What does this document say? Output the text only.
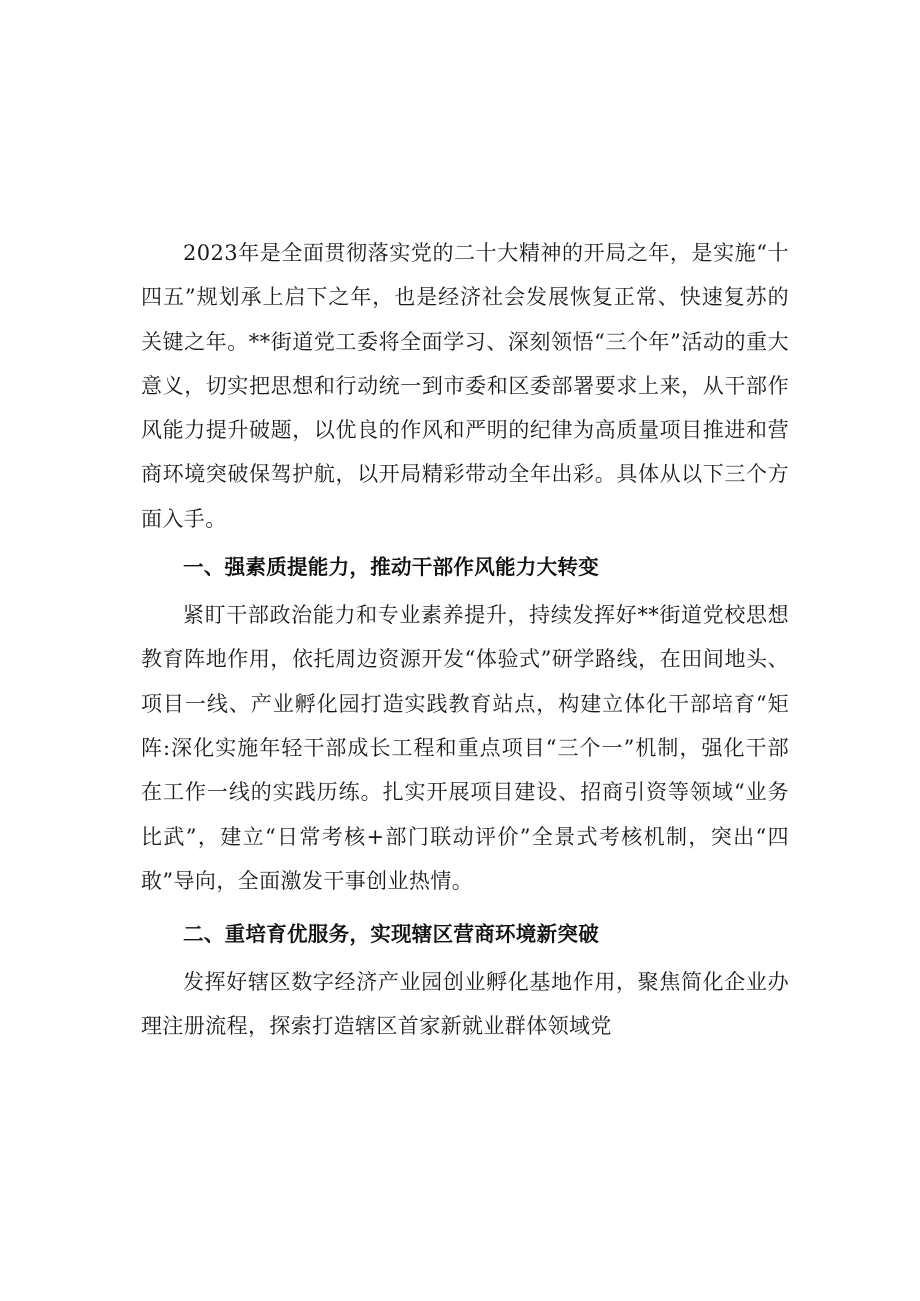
2023年是全面贯彻落实党的二十大精神的开局之年，是实施“十四五”规划承上启下之年，也是经济社会发展恢复正常、快速复苏的关键之年。**街道党工委将全面学习、深刻领悟“三个年”活动的重大意义，切实把思想和行动统一到市委和区委部署要求上来，从干部作风能力提升破题，以优良的作风和严明的纪律为高质量项目推进和营商环境突破保驾护航，以开局精彩带动全年出彩。具体从以下三个方面入手。

一、强素质提能力，推动干部作风能力大转变

紧盯干部政治能力和专业素养提升，持续发挥好**街道党校思想教育阵地作用，依托周边资源开发“体验式”研学路线，在田间地头、项目一线、产业孵化园打造实践教育站点，构建立体化干部培育“矩阵:深化实施年轻干部成长工程和重点项目“三个一”机制，强化干部在工作一线的实践历练。扎实开展项目建设、招商引资等领域“业务比武”，建立“日常考核+部门联动评价”全景式考核机制，突出“四敢”导向，全面激发干事创业热情。

二、重培育优服务，实现辖区营商环境新突破

发挥好辖区数字经济产业园创业孵化基地作用，聚焦简化企业办理注册流程，探索打造辖区首家新就业群体领域党
